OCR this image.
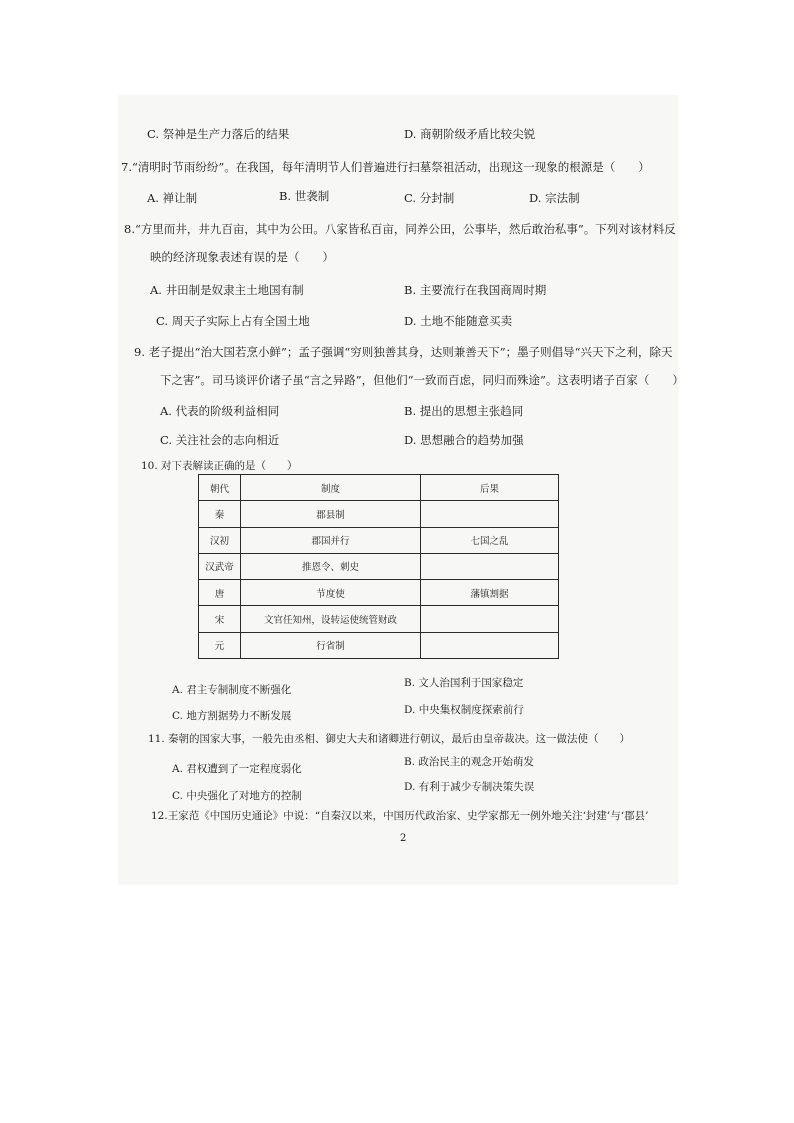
C. 祭神是生产力落后的结果	D. 商朝阶级矛盾比较尖锐
7.“清明时节雨纷纷”。在我国，每年清明节人们普遍进行扫墓祭祖活动，出现这一现象的根源是（　　）
A. 禅让制	B. 世袭制	C. 分封制	D. 宗法制
8.“方里而井，井九百亩，其中为公田。八家皆私百亩，同养公田，公事毕，然后敢治私事”。下列对该材料反
映的经济现象表述有误的是（　　）
A. 井田制是奴隶主土地国有制	B. 主要流行在我国商周时期
C. 周天子实际上占有全国土地	D. 土地不能随意买卖
9. 老子提出“治大国若烹小鲜”；孟子强调“穷则独善其身，达则兼善天下”；墨子则倡导“兴天下之利，除天
下之害”。司马谈评价诸子虽“言之异路”，但他们“一致而百虑，同归而殊途”。这表明诸子百家（　　）
A. 代表的阶级利益相同	B. 提出的思想主张趋同
C. 关注社会的志向相近	D. 思想融合的趋势加强
10. 对下表解读正确的是（　　）
朝代	制度	后果
秦	郡县制	
汉初	郡国并行	七国之乱
汉武帝	推恩令、刺史	
唐	节度使	藩镇割据
宋	文官任知州，设转运使统管财政	
元	行省制	
A. 君主专制制度不断强化
B. 文人治国利于国家稳定
C. 地方割据势力不断发展	D. 中央集权制度探索前行
11. 秦朝的国家大事，一般先由丞相、御史大夫和诸卿进行朝议，最后由皇帝裁决。这一做法使（　　）
A. 君权遭到了一定程度弱化
B. 政治民主的观念开始萌发
C. 中央强化了对地方的控制
D. 有利于减少专制决策失误
12.王家范《中国历史通论》中说：“自秦汉以来，中国历代政治家、史学家都无一例外地关注‘封建’与‘郡县’
2
